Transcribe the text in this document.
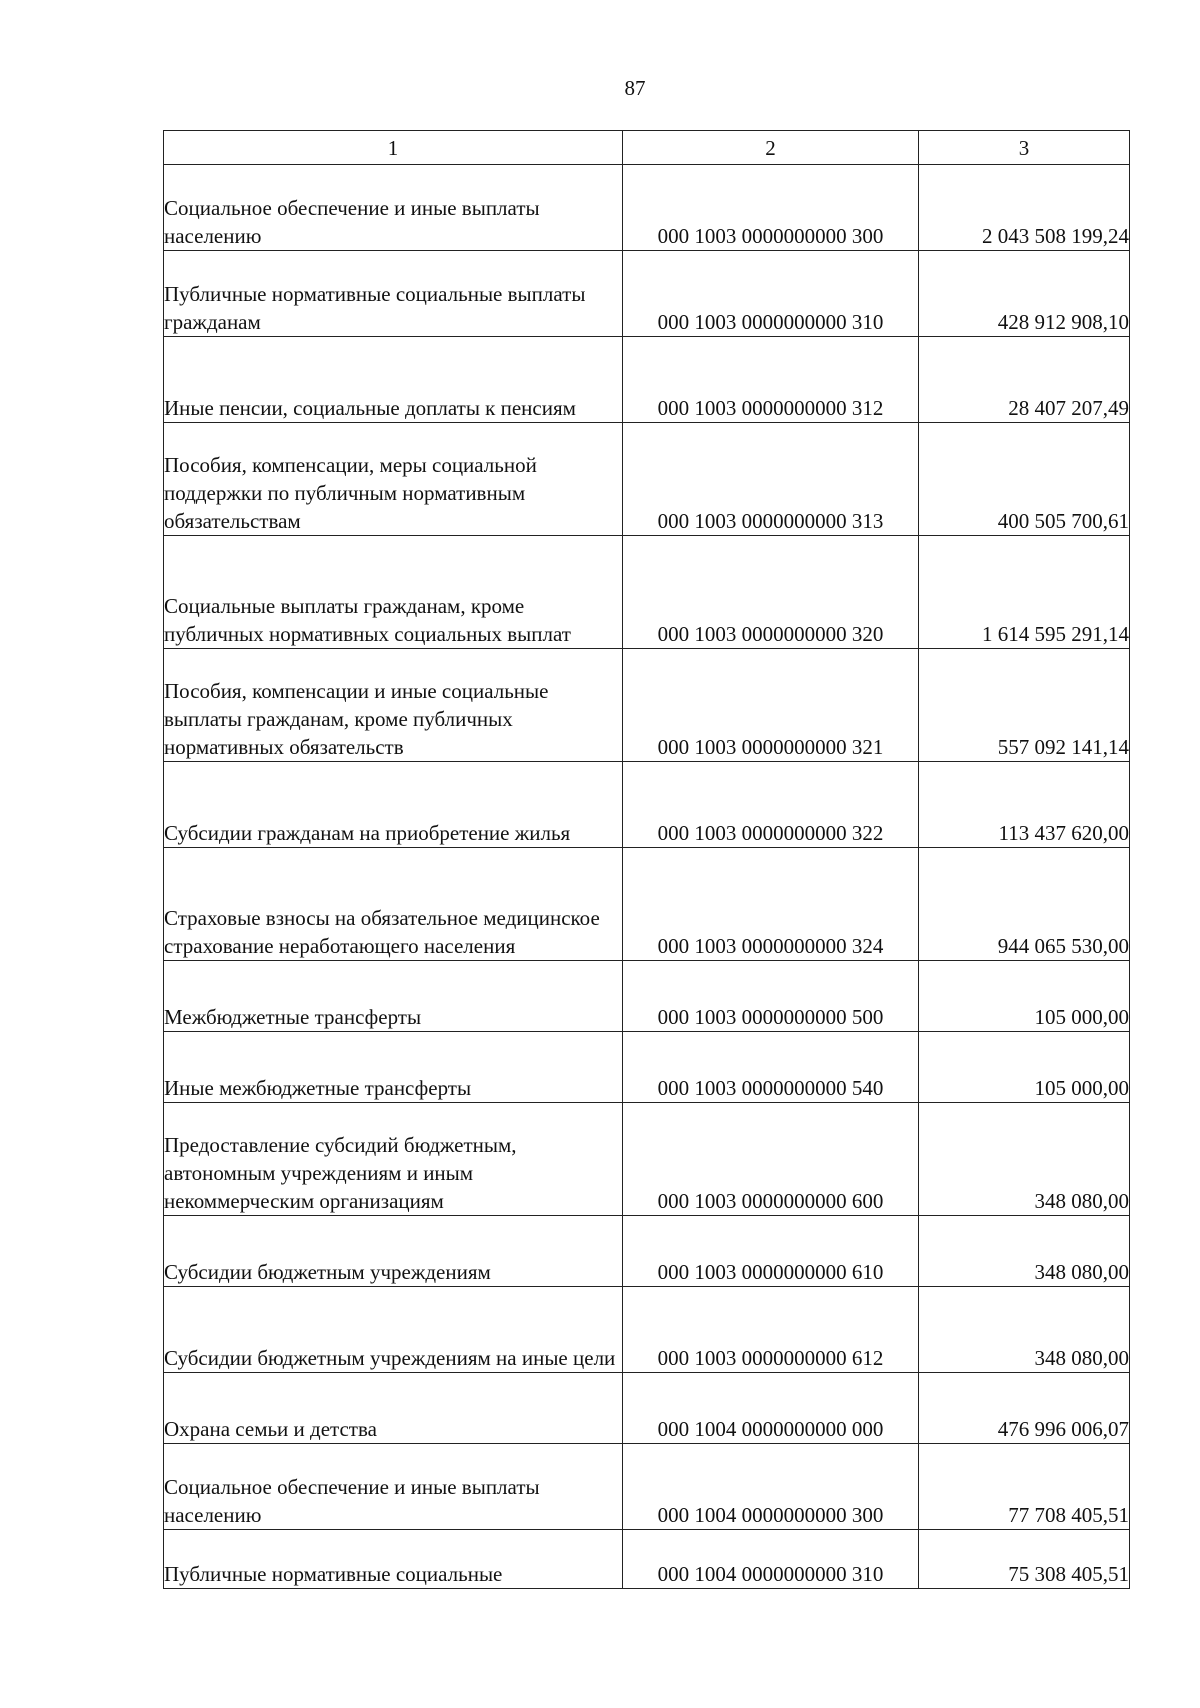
87
1	2	3
Социальное обеспечение и иные выплаты населению	000 1003 0000000000 300	2 043 508 199,24
Публичные нормативные социальные выплаты гражданам	000 1003 0000000000 310	428 912 908,10
Иные пенсии, социальные доплаты к пенсиям	000 1003 0000000000 312	28 407 207,49
Пособия, компенсации, меры социальной поддержки по публичным нормативным обязательствам	000 1003 0000000000 313	400 505 700,61
Социальные выплаты гражданам, кроме публичных нормативных социальных выплат	000 1003 0000000000 320	1 614 595 291,14
Пособия, компенсации и иные социальные выплаты гражданам, кроме публичных нормативных обязательств	000 1003 0000000000 321	557 092 141,14
Субсидии гражданам на приобретение жилья	000 1003 0000000000 322	113 437 620,00
Страховые взносы на обязательное медицинское страхование неработающего населения	000 1003 0000000000 324	944 065 530,00
Межбюджетные трансферты	000 1003 0000000000 500	105 000,00
Иные межбюджетные трансферты	000 1003 0000000000 540	105 000,00
Предоставление субсидий бюджетным, автономным учреждениям и иным некоммерческим организациям	000 1003 0000000000 600	348 080,00
Субсидии бюджетным учреждениям	000 1003 0000000000 610	348 080,00
Субсидии бюджетным учреждениям на иные цели	000 1003 0000000000 612	348 080,00
Охрана семьи и детства	000 1004 0000000000 000	476 996 006,07
Социальное обеспечение и иные выплаты населению	000 1004 0000000000 300	77 708 405,51
Публичные нормативные социальные	000 1004 0000000000 310	75 308 405,51
